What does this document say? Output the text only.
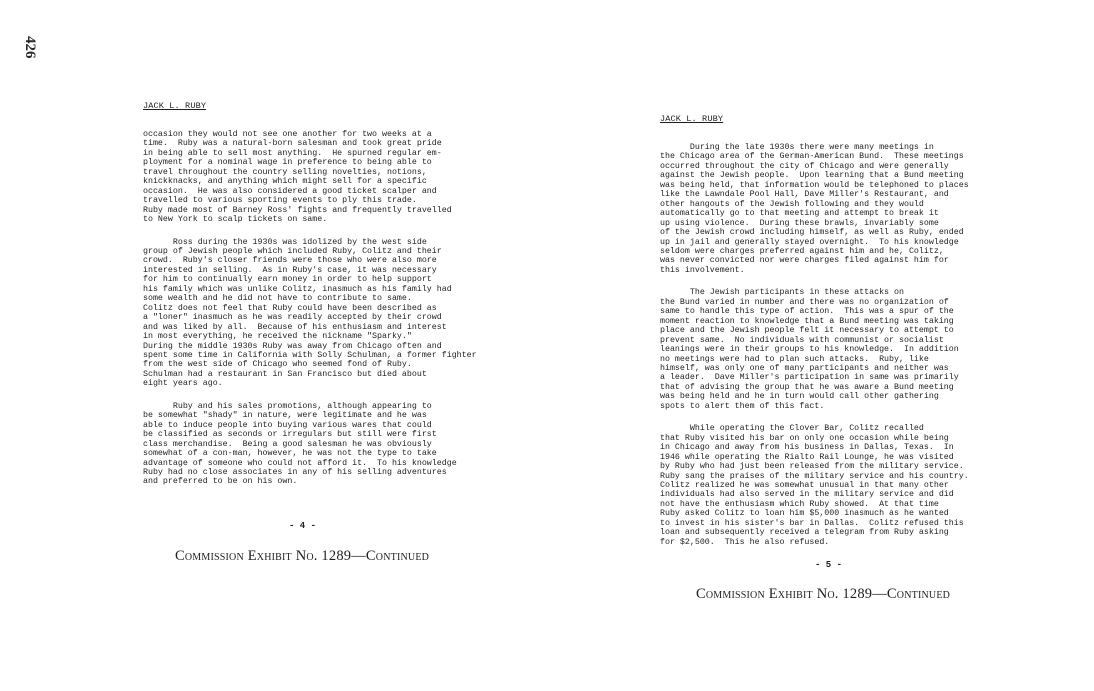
426
JACK L. RUBY
occasion they would not see one another for two weeks at a
time.  Ruby was a natural-born salesman and took great pride
in being able to sell most anything.  He spurned regular em-
ployment for a nominal wage in preference to being able to
travel throughout the country selling novelties, notions,
knickknacks, and anything which might sell for a specific
occasion.  He was also considered a good ticket scalper and
travelled to various sporting events to ply this trade.
Ruby made most of Barney Ross' fights and frequently travelled
to New York to scalp tickets on same.
Ross during the 1930s was idolized by the west side
group of Jewish people which included Ruby, Colitz and their
crowd.  Ruby's closer friends were those who were also more
interested in selling.  As in Ruby's case, it was necessary
for him to continually earn money in order to help support
his family which was unlike Colitz, inasmuch as his family had
some wealth and he did not have to contribute to same.
Colitz does not feel that Ruby could have been described as
a "loner" inasmuch as he was readily accepted by their crowd
and was liked by all.  Because of his enthusiasm and interest
in most everything, he received the nickname "Sparky."
During the middle 1930s Ruby was away from Chicago often and
spent some time in California with Solly Schulman, a former fighter
from the west side of Chicago who seemed fond of Ruby.
Schulman had a restaurant in San Francisco but died about
eight years ago.
Ruby and his sales promotions, although appearing to
be somewhat "shady" in nature, were legitimate and he was
able to induce people into buying various wares that could
be classified as seconds or irregulars but still were first
class merchandise.  Being a good salesman he was obviously
somewhat of a con-man, however, he was not the type to take
advantage of someone who could not afford it.  To his knowledge
Ruby had no close associates in any of his selling adventures
and preferred to be on his own.
- 4 -
Commission Exhibit No. 1289—Continued
JACK L. RUBY
During the late 1930s there were many meetings in
the Chicago area of the German-American Bund.  These meetings
occurred throughout the city of Chicago and were generally
against the Jewish people.  Upon learning that a Bund meeting
was being held, that information would be telephoned to places
like the Lawndale Pool Hall, Dave Miller's Restaurant, and
other hangouts of the Jewish following and they would
automatically go to that meeting and attempt to break it
up using violence.  During these brawls, invariably some
of the Jewish crowd including himself, as well as Ruby, ended
up in jail and generally stayed overnight.  To his knowledge
seldom were charges preferred against him and he, Colitz,
was never convicted nor were charges filed against him for
this involvement.
The Jewish participants in these attacks on
the Bund varied in number and there was no organization of
same to handle this type of action.  This was a spur of the
moment reaction to knowledge that a Bund meeting was taking
place and the Jewish people felt it necessary to attempt to
prevent same.  No individuals with communist or socialist
leanings were in their groups to his knowledge.  In addition
no meetings were had to plan such attacks.  Ruby, like
himself, was only one of many participants and neither was
a leader.  Dave Miller's participation in same was primarily
that of advising the group that he was aware a Bund meeting
was being held and he in turn would call other gathering
spots to alert them of this fact.
While operating the Clover Bar, Colitz recalled
that Ruby visited his bar on only one occasion while being
in Chicago and away from his business in Dallas, Texas.  In
1946 while operating the Rialto Rail Lounge, he was visited
by Ruby who had just been released from the military service.
Ruby sang the praises of the military service and his country.
Colitz realized he was somewhat unusual in that many other
individuals had also served in the military service and did
not have the enthusiasm which Ruby showed.  At that time
Ruby asked Colitz to loan him $5,000 inasmuch as he wanted
to invest in his sister's bar in Dallas.  Colitz refused this
loan and subsequently received a telegram from Ruby asking
for $2,500.  This he also refused.
- 5 -
Commission Exhibit No. 1289—Continued
